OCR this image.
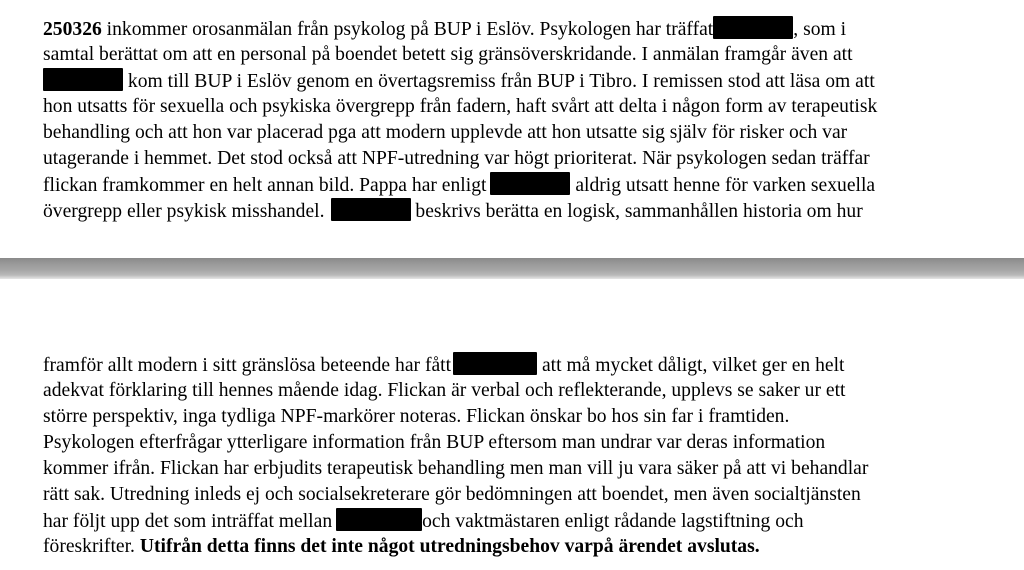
250326 inkommer orosanmälan från psykolog på BUP i Eslöv. Psykologen har träffat	, som i
samtal berättat om att en personal på boendet betett sig gränsöverskridande. I anmälan framgår även att
kom till BUP i Eslöv genom en övertagsremiss från BUP i Tibro. I remissen stod att läsa om att
hon utsatts för sexuella och psykiska övergrepp från fadern, haft svårt att delta i någon form av terapeutisk
behandling och att hon var placerad pga att modern upplevde att hon utsatte sig själv för risker och var
utagerande i hemmet. Det stod också att NPF-utredning var högt prioriterat. När psykologen sedan träffar
flickan framkommer en helt annan bild. Pappa har enligt	aldrig utsatt henne för varken sexuella
övergrepp eller psykisk misshandel.	beskrivs berätta en logisk, sammanhållen historia om hur
framför allt modern i sitt gränslösa beteende har fått	att må mycket dåligt, vilket ger en helt
adekvat förklaring till hennes mående idag. Flickan är verbal och reflekterande, upplevs se saker ur ett
större perspektiv, inga tydliga NPF-markörer noteras. Flickan önskar bo hos sin far i framtiden.
Psykologen efterfrågar ytterligare information från BUP eftersom man undrar var deras information
kommer ifrån. Flickan har erbjudits terapeutisk behandling men man vill ju vara säker på att vi behandlar
rätt sak. Utredning inleds ej och socialsekreterare gör bedömningen att boendet, men även socialtjänsten
har följt upp det som inträffat mellan	och vaktmästaren enligt rådande lagstiftning och
föreskrifter. Utifrån detta finns det inte något utredningsbehov varpå ärendet avslutas.
